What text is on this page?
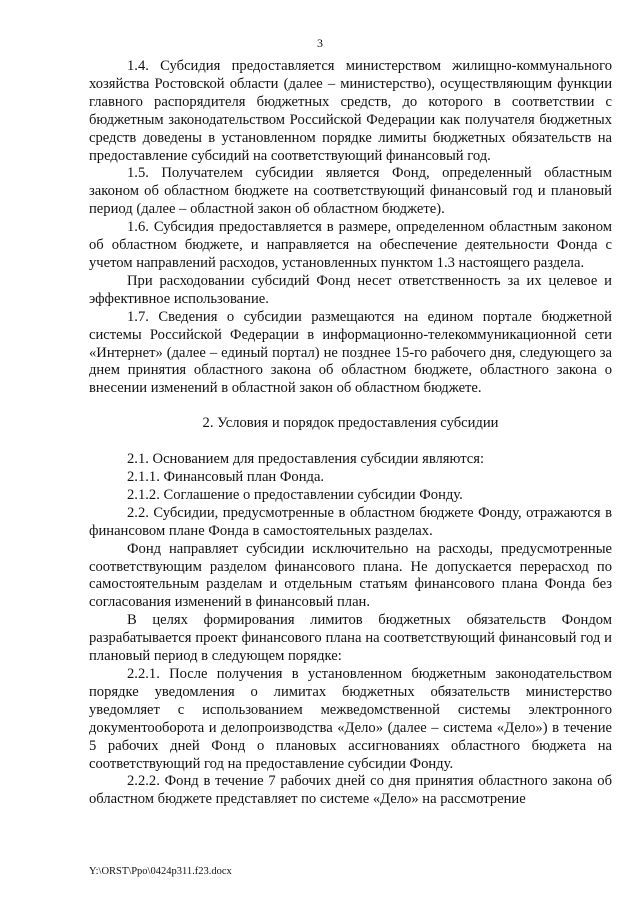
3

1.4. Субсидия предоставляется министерством жилищно-коммунального хозяйства Ростовской области (далее – министерство), осуществляющим функции главного распорядителя бюджетных средств, до которого в соответствии с бюджетным законодательством Российской Федерации как получателя бюджетных средств доведены в установленном порядке лимиты бюджетных обязательств на предоставление субсидий на соответствующий финансовый год.

1.5. Получателем субсидии является Фонд, определенный областным законом об областном бюджете на соответствующий финансовый год и плановый период (далее – областной закон об областном бюджете).

1.6. Субсидия предоставляется в размере, определенном областным законом об областном бюджете, и направляется на обеспечение деятельности Фонда с учетом направлений расходов, установленных пунктом 1.3 настоящего раздела.

При расходовании субсидий Фонд несет ответственность за их целевое и эффективное использование.

1.7. Сведения о субсидии размещаются на едином портале бюджетной системы Российской Федерации в информационно-телекоммуникационной сети «Интернет» (далее – единый портал) не позднее 15-го рабочего дня, следующего за днем принятия областного закона об областном бюджете, областного закона о внесении изменений в областной закон об областном бюджете.

2. Условия и порядок предоставления субсидии

2.1. Основанием для предоставления субсидии являются:

2.1.1. Финансовый план Фонда.

2.1.2. Соглашение о предоставлении субсидии Фонду.

2.2. Субсидии, предусмотренные в областном бюджете Фонду, отражаются в финансовом плане Фонда в самостоятельных разделах.

Фонд направляет субсидии исключительно на расходы, предусмотренные соответствующим разделом финансового плана. Не допускается перерасход по самостоятельным разделам и отдельным статьям финансового плана Фонда без согласования изменений в финансовый план.

В целях формирования лимитов бюджетных обязательств Фондом разрабатывается проект финансового плана на соответствующий финансовый год и плановый период в следующем порядке:

2.2.1. После получения в установленном бюджетным законодательством порядке уведомления о лимитах бюджетных обязательств министерство уведомляет с использованием межведомственной системы электронного документооборота и делопроизводства «Дело» (далее – система «Дело») в течение 5 рабочих дней Фонд о плановых ассигнованиях областного бюджета на соответствующий год на предоставление субсидии Фонду.

2.2.2. Фонд в течение 7 рабочих дней со дня принятия областного закона об областном бюджете представляет по системе «Дело» на рассмотрение

Y:\ORST\Ppo\0424p311.f23.docx
